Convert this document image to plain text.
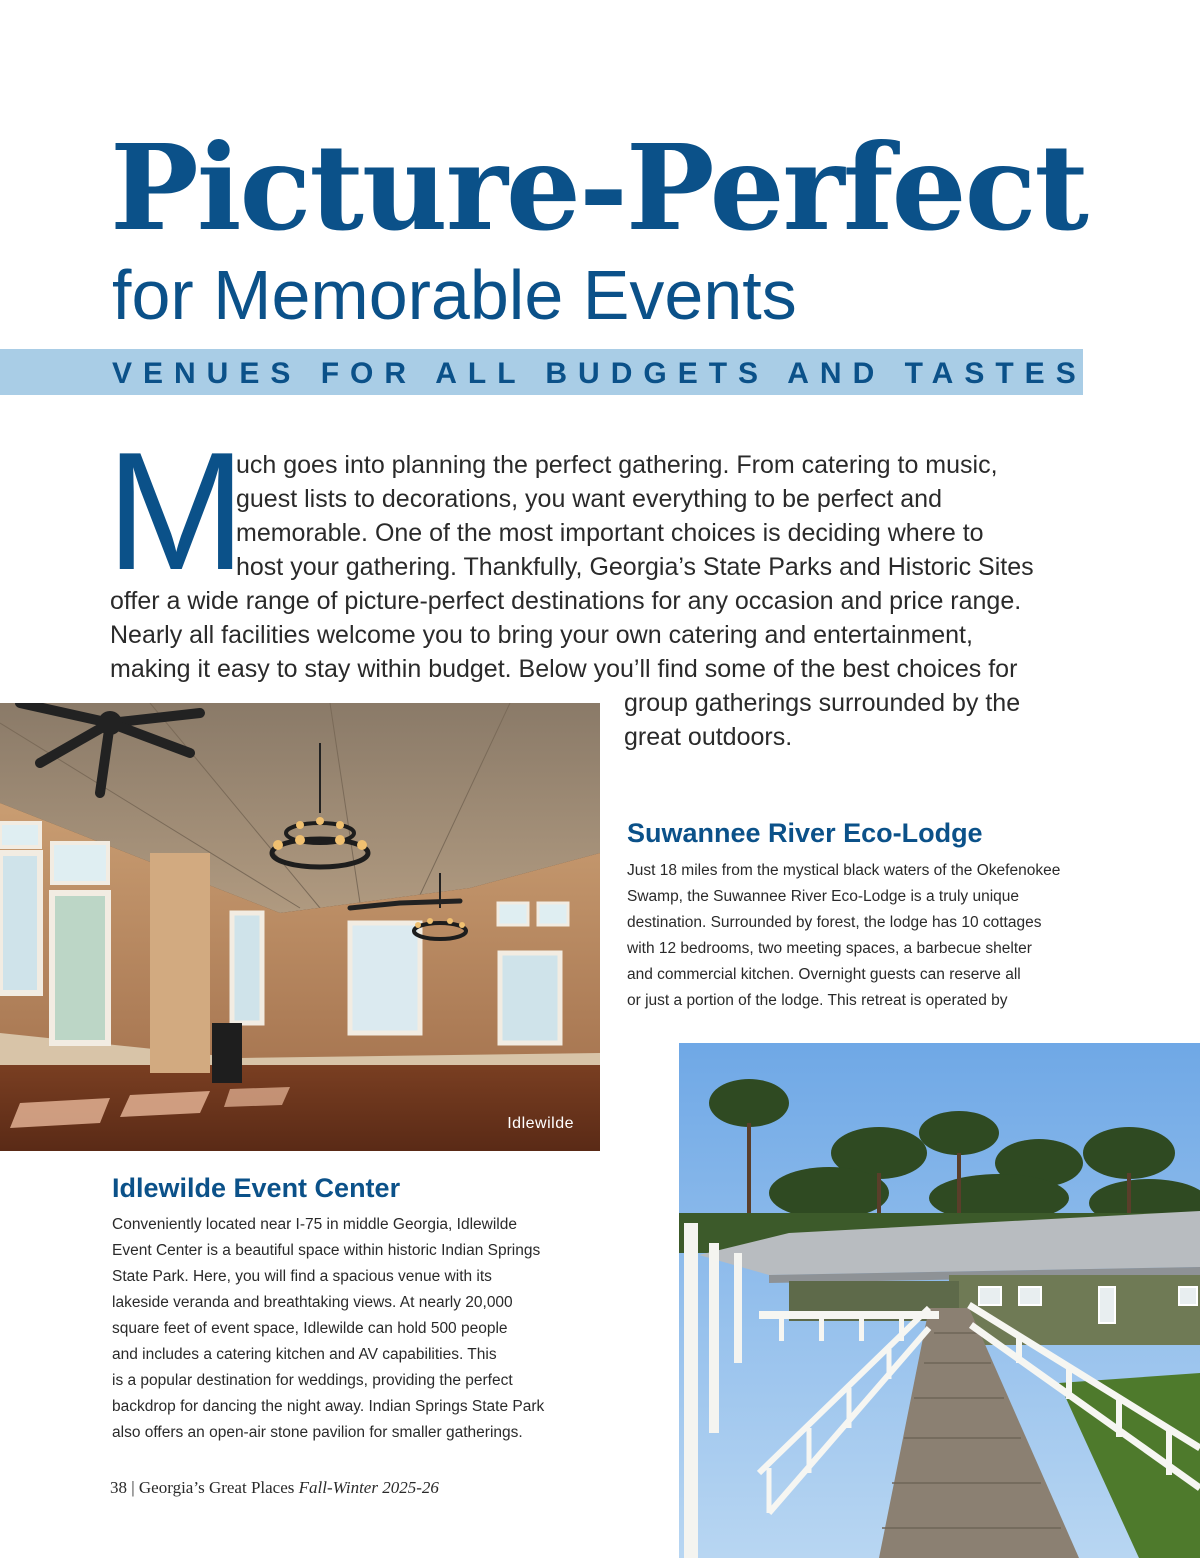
Picture-Perfect
for Memorable Events
VENUES FOR ALL BUDGETS AND TASTES
M
uch goes into planning the perfect gathering. From catering to music,
guest lists to decorations, you want everything to be perfect and
memorable. One of the most important choices is deciding where to
host your gathering. Thankfully, Georgia’s State Parks and Historic Sites
offer a wide range of picture-perfect destinations for any occasion and price range.
Nearly all facilities welcome you to bring your own catering and entertainment,
making it easy to stay within budget. Below you’ll find some of the best choices for
group gatherings surrounded by the
great outdoors.
Idlewilde
Suwannee River Eco-Lodge
Just 18 miles from the mystical black waters of the Okefenokee
Swamp, the Suwannee River Eco-Lodge is a truly unique
destination. Surrounded by forest, the lodge has 10 cottages
with 12 bedrooms, two meeting spaces, a barbecue shelter
and commercial kitchen. Overnight guests can reserve all
or just a portion of the lodge. This retreat is operated by
Idlewilde Event Center
Conveniently located near I-75 in middle Georgia, Idlewilde
Event Center is a beautiful space within historic Indian Springs
State Park. Here, you will find a spacious venue with its
lakeside veranda and breathtaking views. At nearly 20,000
square feet of event space, Idlewilde can hold 500 people
and includes a catering kitchen and AV capabilities. This
is a popular destination for weddings, providing the perfect
backdrop for dancing the night away. Indian Springs State Park
also offers an open-air stone pavilion for smaller gatherings.
38 | Georgia’s Great Places Fall-Winter 2025-26
